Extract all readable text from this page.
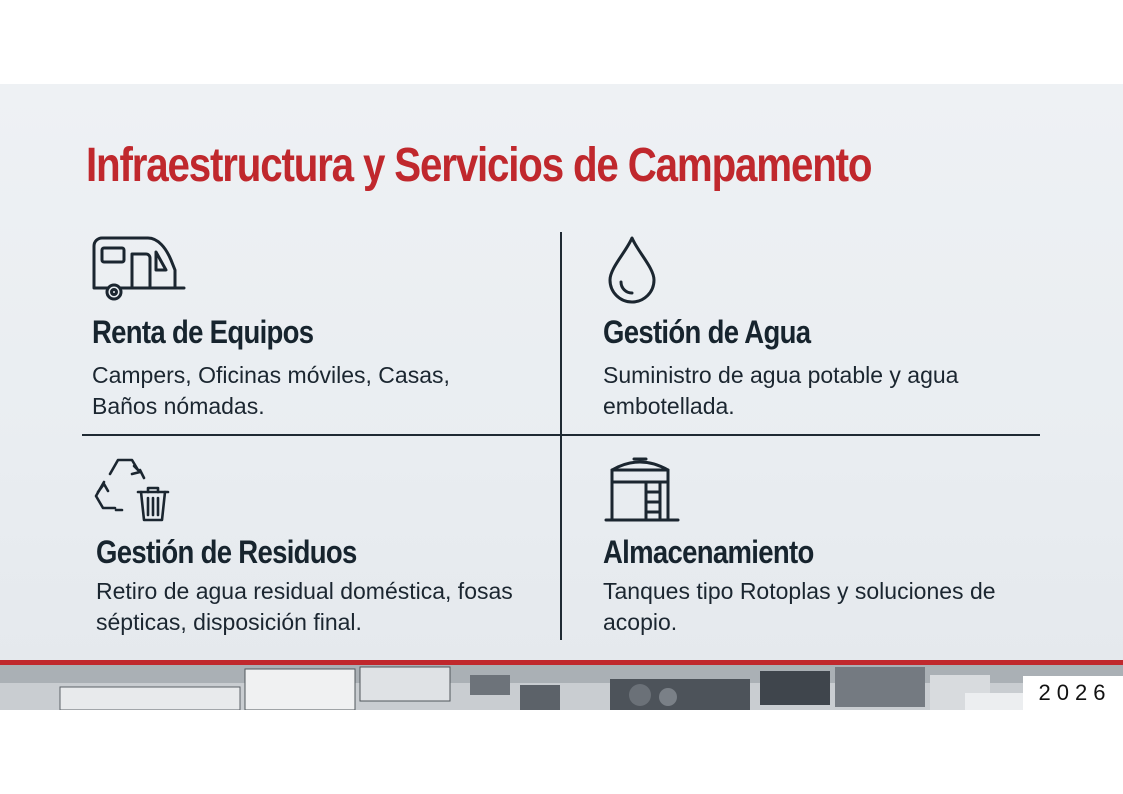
Infraestructura y Servicios de Campamento
Renta de Equipos
Campers, Oficinas móviles, Casas, Baños nómadas.
Gestión de Agua
Suministro de agua potable y agua embotellada.
Gestión de Residuos
Retiro de agua residual doméstica, fosas sépticas, disposición final.
Almacenamiento
Tanques tipo Rotoplas y soluciones de acopio.
2026
